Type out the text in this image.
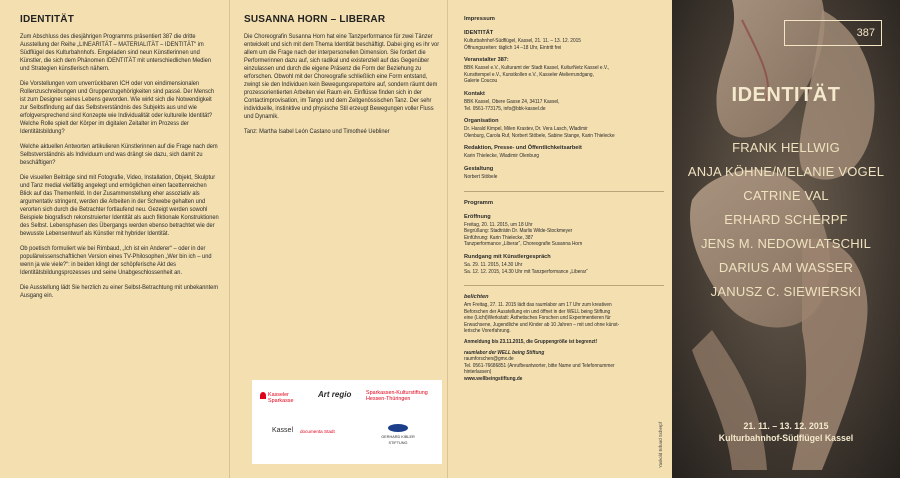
IDENTITÄT

Zum Abschluss des diesjährigen Programms präsentiert 387 die dritte Ausstellung der Reihe „LINEARITÄT – MATERIALITÄT – IDENTITÄT“ im Südflügel des Kulturbahnhofs. Eingeladen sind neun Künstlerinnen und Künstler, die sich dem Phänomen IDENTITÄT mit unterschiedlichen Medien und Strategien künstlerisch nähern.

Die Vorstellungen vom unverrückbaren ICH oder von eindimensionalen Rollenzuschreibungen und Gruppenzugehörigkeiten sind passé. Der Mensch ist zum Designer seines Lebens geworden. Wie wirkt sich die Notwendigkeit zur Selbstfindung auf das Selbstverständnis des Subjekts aus und wie erfolgversprechend sind Konzepte wie Individualität oder kulturelle Identität? Welche Rolle spielt der Körper im digitalen Zeitalter im Prozess der Identitätsbildung?

Welche aktuellen Antworten artikulieren Künstlerinnen auf die Frage nach dem Selbstverständnis als Individuum und was drängt sie dazu, sich damit zu beschäftigen?

Die visuellen Beiträge sind mit Fotografie, Video, Installation, Objekt, Skulptur und Tanz medial vielfältig angelegt und ermöglichen einen facettenreichen Blick auf das Themenfeld. In der Zusammenstellung eher assoziativ als argumentativ stringent, werden die Arbeiten in der Schwebe gehalten und verorten sich durch die Betrachter fortlaufend neu. Gezeigt werden sowohl Beispiele biografisch rekonstruierter Identität als auch fiktionale Konstruktionen des Selbst. Lebensphasen des Übergangs werden ebenso betrachtet wie der bewusste Lebensentwurf als Künstler mit hybrider Identität.

Ob poetisch formuliert wie bei Rimbaud, „Ich ist ein Anderer“ – oder in der populärwissenschaftlichen Version eines TV-Philosophen „Wer bin ich – und wenn ja wie viele?“: in beiden klingt der schöpferische Akt des Identitätsbildungsprozesses und seine Unabgeschlossenheit an.

Die Ausstellung lädt Sie herzlich zu einer Selbst-Betrachtung mit unbekanntem Ausgang ein.

SUSANNA HORN – LIBERAR

Die Choreografin Susanna Horn hat eine Tanzperformance für zwei Tänzer entwickelt und sich mit dem Thema Identität beschäftigt. Dabei ging es ihr vor allem um die Frage nach der interpersonellen Dimension. Sie fordert die Performerinnen dazu auf, sich radikal und existenziell auf das Gegenüber einzulassen und durch die eigene Präsenz die Form der Beziehung zu erforschen. Obwohl mit der Choreografie schließlich eine Form entstand, zwingt sie den Individuen kein Bewegungsrepertoire auf, sondern räumt dem prozessorientierten Arbeiten viel Raum ein. Einflüsse finden sich in der Contactimprovisation, im Tango und dem Zeitgenössischen Tanz. Der sehr individuelle, instinktive und physische Stil erzeugt Bewegungen voller Fluss und Dynamik.

Tanz: Martha Isabel León Castano und Timotheé Uebliner

Kasseler Sparkasse
Art regio	Sparkassen-Kulturstiftung Hessen-Thüringen
Kassel documenta Stadt
GERHARD KIBLER STIFTUNG
Impressum
IDENTITÄT
Kulturbahnhof-Südflügel, Kassel, 21. 11. – 13. 12. 2015
Öffnungszeiten: täglich 14 –18 Uhr, Eintritt frei
Veranstalter 387:
BBK Kassel e.V., Kulturamt der Stadt Kassel, KulturNetz Kassel e.V.,
Kunsttempel e.V., Kunstkollen e.V., Kasseler Atelierrundgang,
Galerie Coucou
Kontakt
BBK Kassel, Obere Gasse 24, 34117 Kassel,
Tel. 0561-773175, info@bbk-kassel.de
Organisation
Dr. Harald Kimpel, Milen Krastev, Dr. Vera Lasch, Wladimir
Olenburg, Carola Ruf, Norbert Stöbele, Sabine Stange, Karin Thielecke
Redaktion, Presse- und Öffentlichkeitsarbeit
Karin Thielecke, Wladimir Olenburg
Gestaltung
Norbert Stöbele
Programm
Eröffnung
Freitag, 20. 11. 2015, um 18 Uhr
Begrüßung: Stadträtin Dr. Marlis Wilde-Stockmeyer
Einführung: Karin Thielecke, 387
Tanzperformance „Liberar“, Choreografie Susanna Horn
Rundgang mit Künstlergespräch
Sa. 29. 11. 2015, 14.30 Uhr
Sa. 12. 12. 2015, 14.30 Uhr mit Tanzperformance „Liberar“
belichten
Am Freitag, 27. 11. 2015 lädt das raumlabor am 17 Uhr zum kreativen
Beforschen der Ausstellung ein und öffnet in der WELL being Stiftung
eine (Licht)Werkstatt: Ästhetisches Forschen und Experimentieren für
Erwachsene, Jugendliche und Kinder ab 10 Jahren – mit und ohne künst-
lerische Vorerfahrung.
Anmeldung bis 23.11.2015, die Gruppengröße ist begrenzt!
raumlabor der WELL being Stiftung
raumforschen@gmx.de
Tel. 0561-76686851 (Anrufbeantworter, bitte Name und Telefonnummer
hinterlassen)
www.wellbeingstiftung.de
Yaskold Erhard Scherpf
387
IDENTITÄT
FRANK HELLWIG
ANJA KÖHNE/MELANIE VOGEL
CATRINE VAL
ERHARD SCHERPF
JENS M. NEDOWLATSCHIL
DARIUS AM WASSER
JANUSZ C. SIEWIERSKI
21. 11. – 13. 12. 2015
Kulturbahnhof-Südflügel Kassel
